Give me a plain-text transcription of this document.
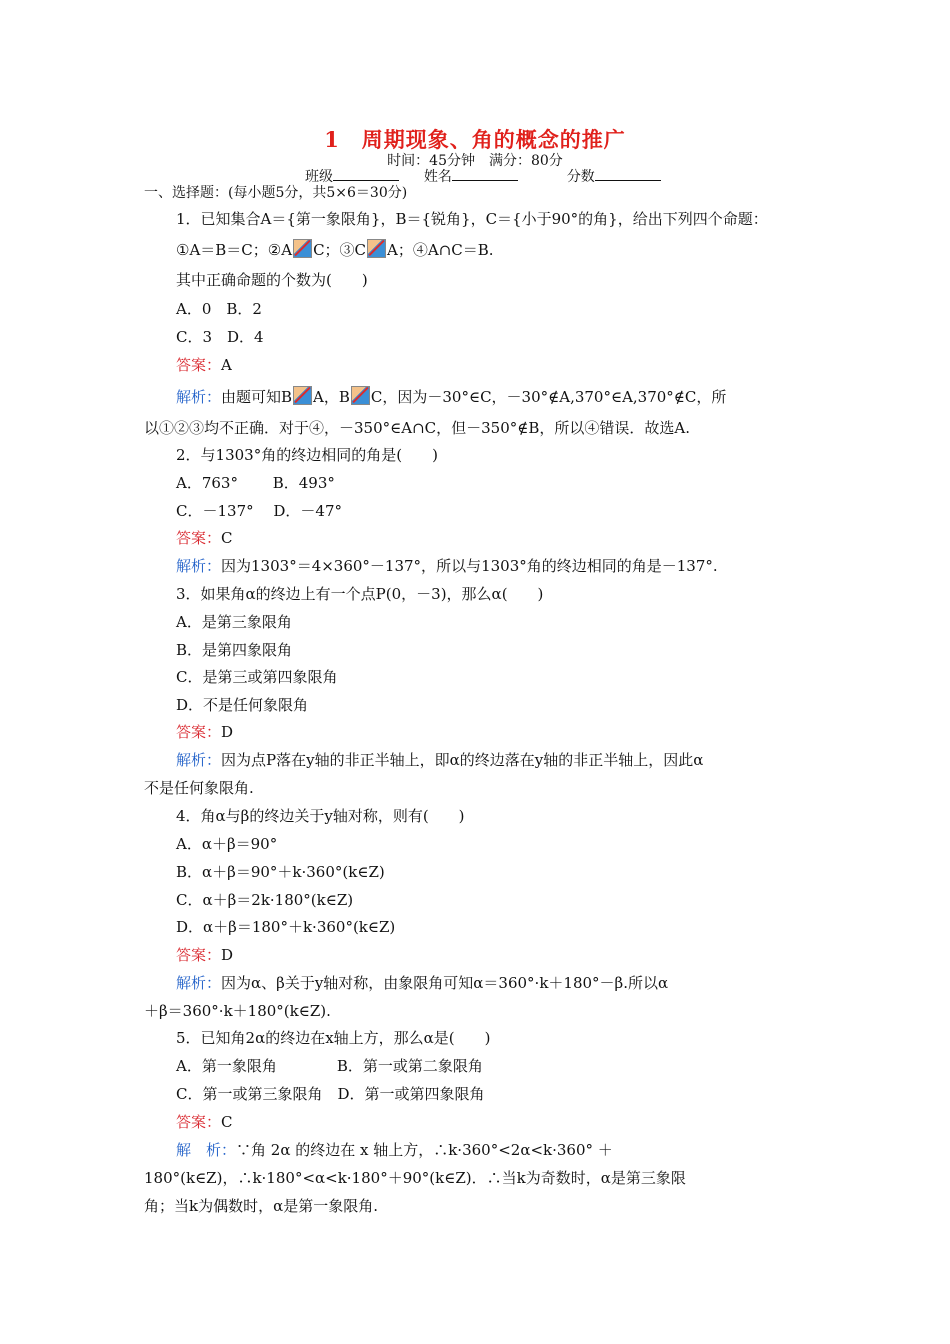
1　周期现象、角的概念的推广
时间：45分钟　满分：80分
班级	姓名	分数
一、选择题：(每小题5分，共5×6＝30分)
1．已知集合A＝{第一象限角}，B＝{锐角}，C＝{小于90°的角}，给出下列四个命题：
①A＝B＝C；②A C；③C A；④A∩C＝B.
其中正确命题的个数为(　　)
A．0　B．2
C．3　D．4
答案：A
解析：由题可知B A，B C，因为－30°∈C，－30°∉A,370°∈A,370°∉C，所
以①②③均不正确．对于④，－350°∈A∩C，但－350°∉B，所以④错误．故选A.
2．与1303°角的终边相同的角是(　　)
A．763°　　 B．493°
C．－137°　 D．－47°
答案：C
解析：因为1303°＝4×360°－137°，所以与1303°角的终边相同的角是－137°.
3．如果角α的终边上有一个点P(0，－3)，那么α(　　)
A．是第三象限角
B．是第四象限角
C．是第三或第四象限角
D．不是任何象限角
答案：D
解析：因为点P落在y轴的非正半轴上，即α的终边落在y轴的非正半轴上，因此α
不是任何象限角.
4．角α与β的终边关于y轴对称，则有(　　)
A．α＋β＝90°
B．α＋β＝90°＋k·360°(k∈Z)
C．α＋β＝2k·180°(k∈Z)
D．α＋β＝180°＋k·360°(k∈Z)
答案：D
解析：因为α、β关于y轴对称，由象限角可知α＝360°·k＋180°－β.所以α
＋β＝360°·k＋180°(k∈Z).
5．已知角2α的终边在x轴上方，那么α是(　　)
A．第一象限角　　　　B．第一或第二象限角
C．第一或第三象限角　D．第一或第四象限角
答案：C
解　析：∵角 2α 的终边在 x 轴上方，∴k·360°<2α<k·360° ＋
180°(k∈Z)，∴k·180°<α<k·180°＋90°(k∈Z)．∴当k为奇数时，α是第三象限
角；当k为偶数时，α是第一象限角.
